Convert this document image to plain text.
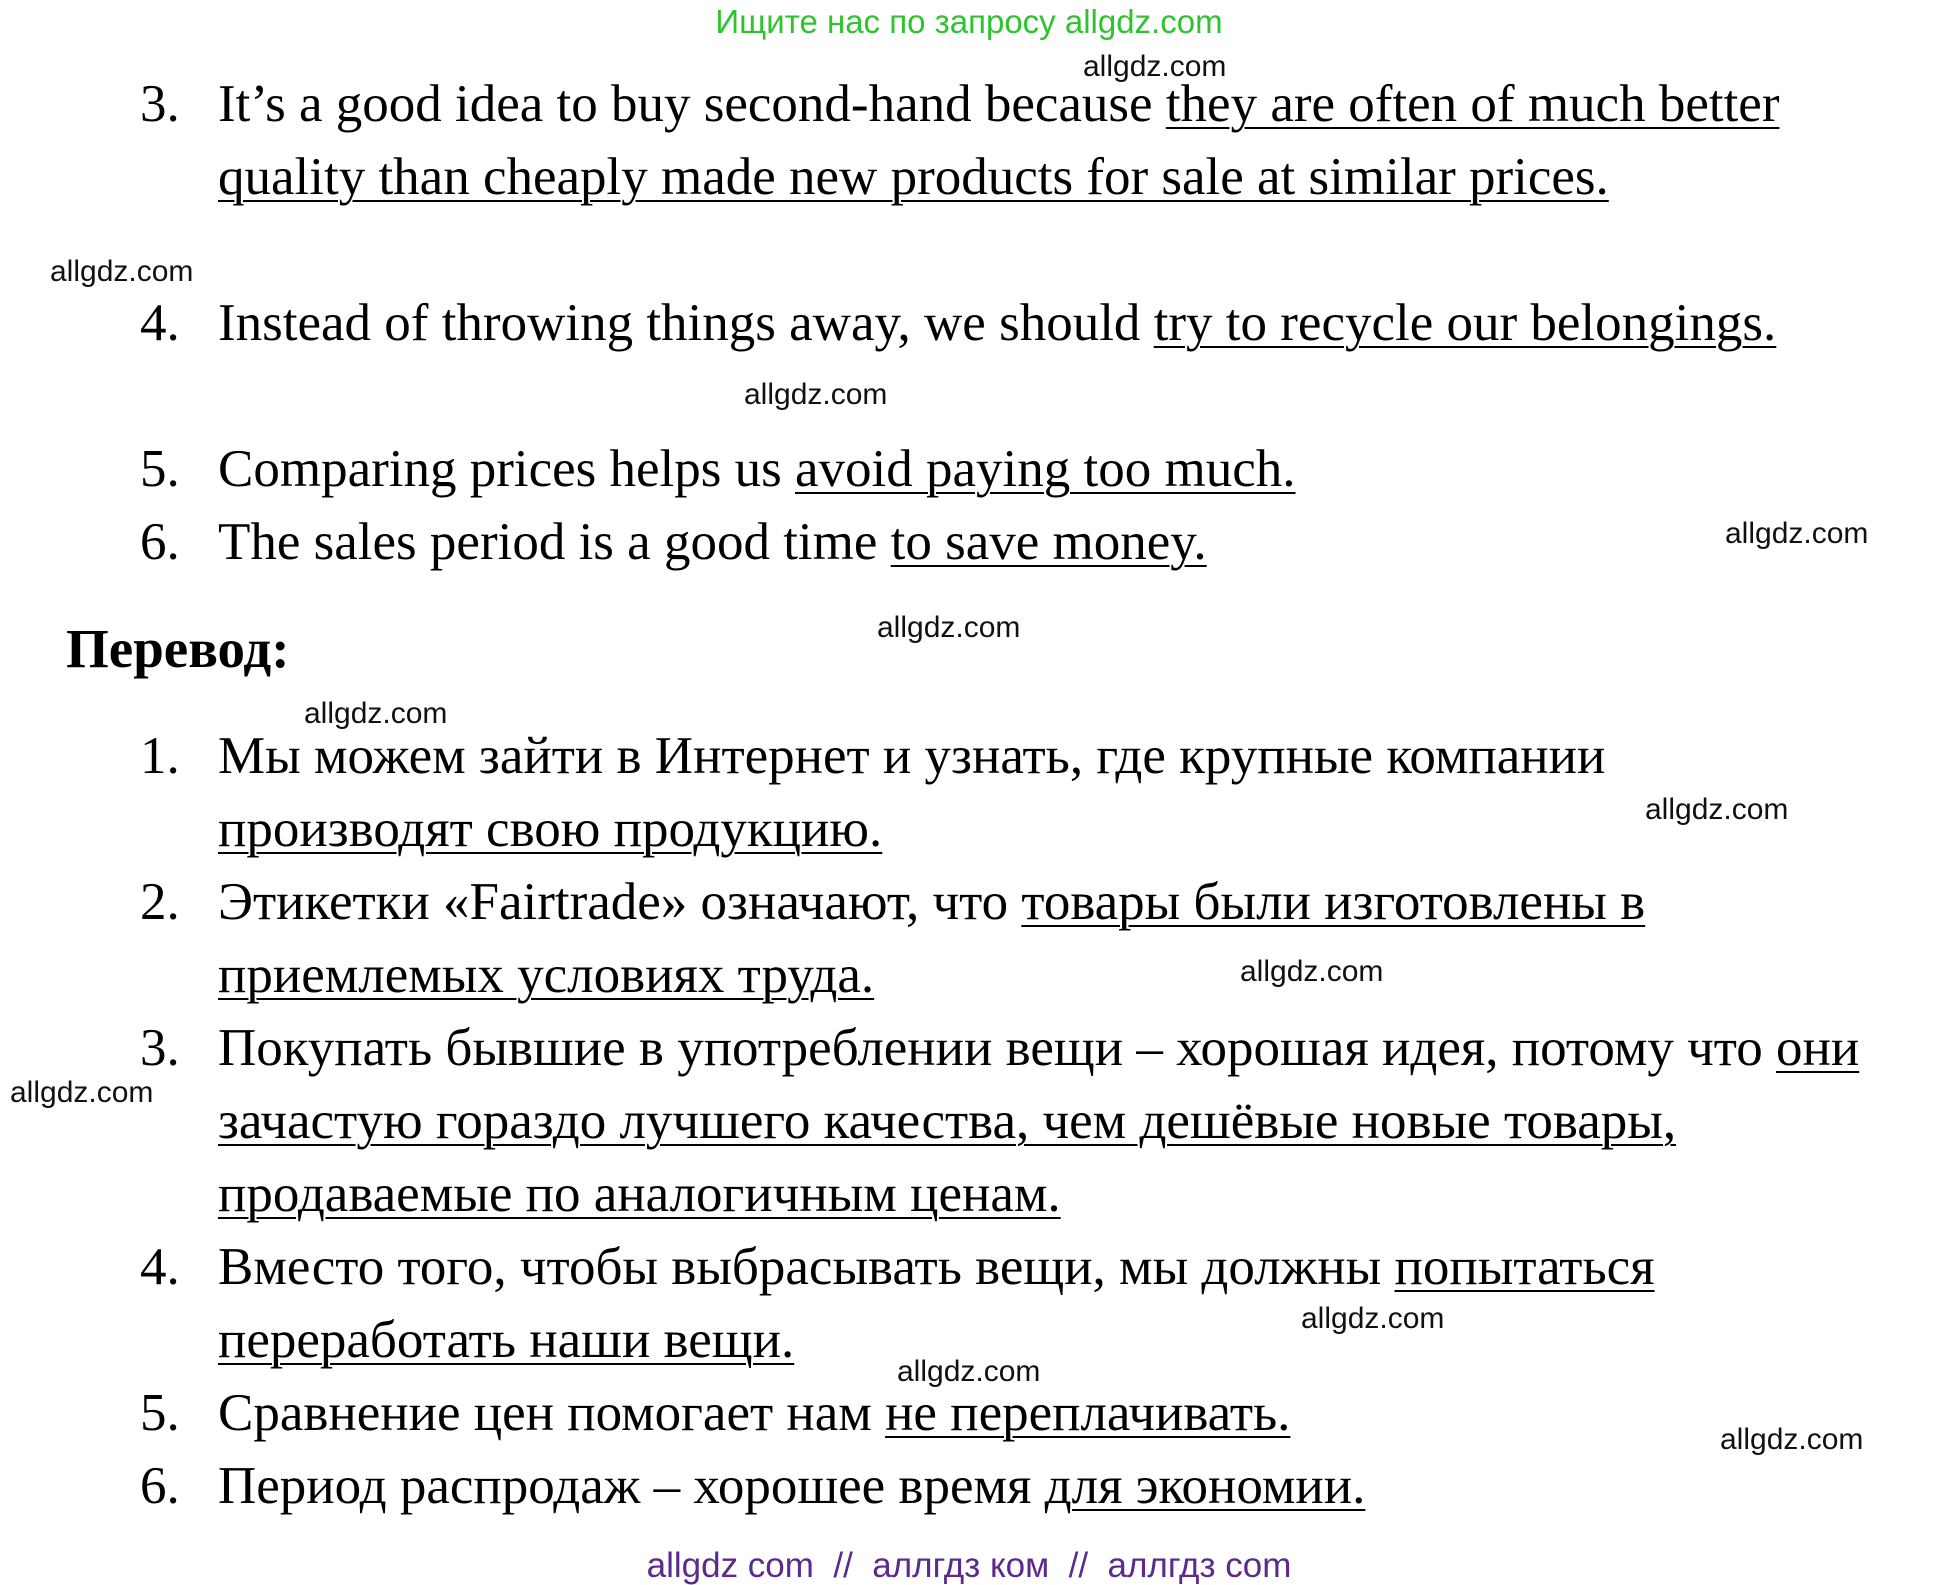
Ищите нас по запросу allgdz.com
3. It’s a good idea to buy second-hand because they are often of much better quality than cheaply made new products for sale at similar prices.
4. Instead of throwing things away, we should try to recycle our belongings.
5. Comparing prices helps us avoid paying too much.
6. The sales period is a good time to save money.
Перевод:
1. Мы можем зайти в Интернет и узнать, где крупные компании производят свою продукцию.
2. Этикетки «Fairtrade» означают, что товары были изготовлены в приемлемых условиях труда.
3. Покупать бывшие в употреблении вещи – хорошая идея, потому что они зачастую гораздо лучшего качества, чем дешёвые новые товары, продаваемые по аналогичным ценам.
4. Вместо того, чтобы выбрасывать вещи, мы должны попытаться переработать наши вещи.
5. Сравнение цен помогает нам не переплачивать.
6. Период распродаж – хорошее время для экономии.
allgdz.com
allgdz.com
allgdz.com
allgdz.com
allgdz.com
allgdz.com
allgdz.com
allgdz.com
allgdz.com
allgdz.com
allgdz.com
allgdz.com
allgdz com  //  аллгдз ком  //  аллгдз com
